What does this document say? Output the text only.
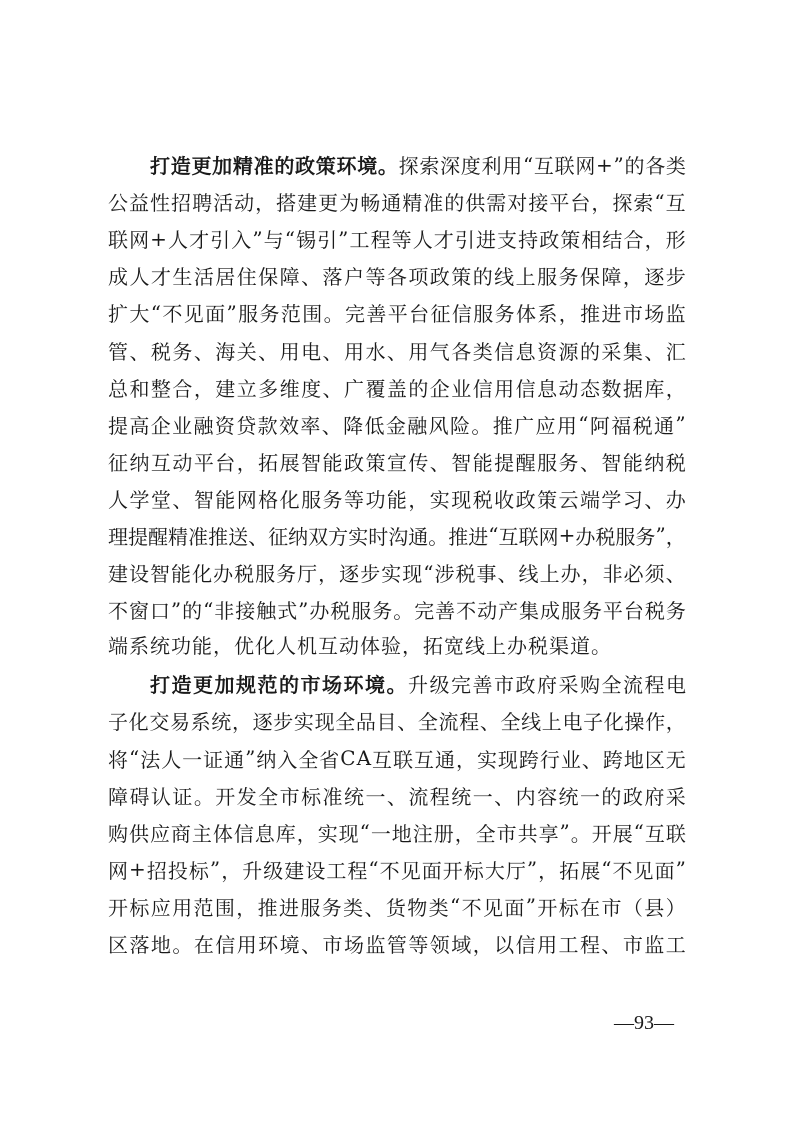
打 造 更 加 精 准 的 政 策 环 境 。 探 索 深 度 利 用 “ 互 联 网 + ” 的 各 类
公 益 性 招 聘 活 动 ， 搭 建 更 为 畅 通 精 准 的 供 需 对 接 平 台 ， 探 索 “ 互
联 网 + 人 才 引 入 ” 与 “ 锡 引 ” 工 程 等 人 才 引 进 支 持 政 策 相 结 合 ， 形
成 人 才 生 活 居 住 保 障 、 落 户 等 各 项 政 策 的 线 上 服 务 保 障 ， 逐 步
扩 大 “ 不 见 面 ” 服 务 范 围 。 完 善 平 台 征 信 服 务 体 系 ， 推 进 市 场 监
管 、 税 务 、 海 关 、 用 电 、 用 水 、 用 气 各 类 信 息 资 源 的 采 集 、 汇
总 和 整 合 ， 建 立 多 维 度 、 广 覆 盖 的 企 业 信 用 信 息 动 态 数 据 库 ，
提 高 企 业 融 资 贷 款 效 率 、 降 低 金 融 风 险 。 推 广 应 用 “ 阿 福 税 通 ”
征 纳 互 动 平 台 ， 拓 展 智 能 政 策 宣 传 、 智 能 提 醒 服 务 、 智 能 纳 税
人 学 堂 、 智 能 网 格 化 服 务 等 功 能 ， 实 现 税 收 政 策 云 端 学 习 、 办
理 提 醒 精 准 推 送 、 征 纳 双 方 实 时 沟 通 。 推 进 “ 互 联 网 + 办 税 服 务 ” ，
建 设 智 能 化 办 税 服 务 厅 ， 逐 步 实 现 “ 涉 税 事 、 线 上 办 ， 非 必 须 、
不 窗 口 ” 的 “ 非 接 触 式 ” 办 税 服 务 。 完 善 不 动 产 集 成 服 务 平 台 税 务
端系统功能，优化人机互动体验，拓宽线上办税渠道。
打 造 更 加 规 范 的 市 场 环 境 。 升 级 完 善 市 政 府 采 购 全 流 程 电
子 化 交 易 系 统 ， 逐 步 实 现 全 品 目 、 全 流 程 、 全 线 上 电 子 化 操 作 ，
将 “ 法 人 一 证 通 ” 纳 入 全 省 C A 互 联 互 通 ， 实 现 跨 行 业 、 跨 地 区 无
障 碍 认 证 。 开 发 全 市 标 准 统 一 、 流 程 统 一 、 内 容 统 一 的 政 府 采
购 供 应 商 主 体 信 息 库 ， 实 现 “ 一 地 注 册 ， 全 市 共 享 ” 。 开 展 “ 互 联
网 + 招 投 标 ” ， 升 级 建 设 工 程 “ 不 见 面 开 标 大 厅 ” ， 拓 展 “ 不 见 面 ”
开 标 应 用 范 围 ， 推 进 服 务 类 、 货 物 类 “ 不 见 面 ” 开 标 在 市 （ 县 ）
区 落 地 。 在 信 用 环 境 、 市 场 监 管 等 领 域 ， 以 信 用 工 程 、 市 监 工
—93—
